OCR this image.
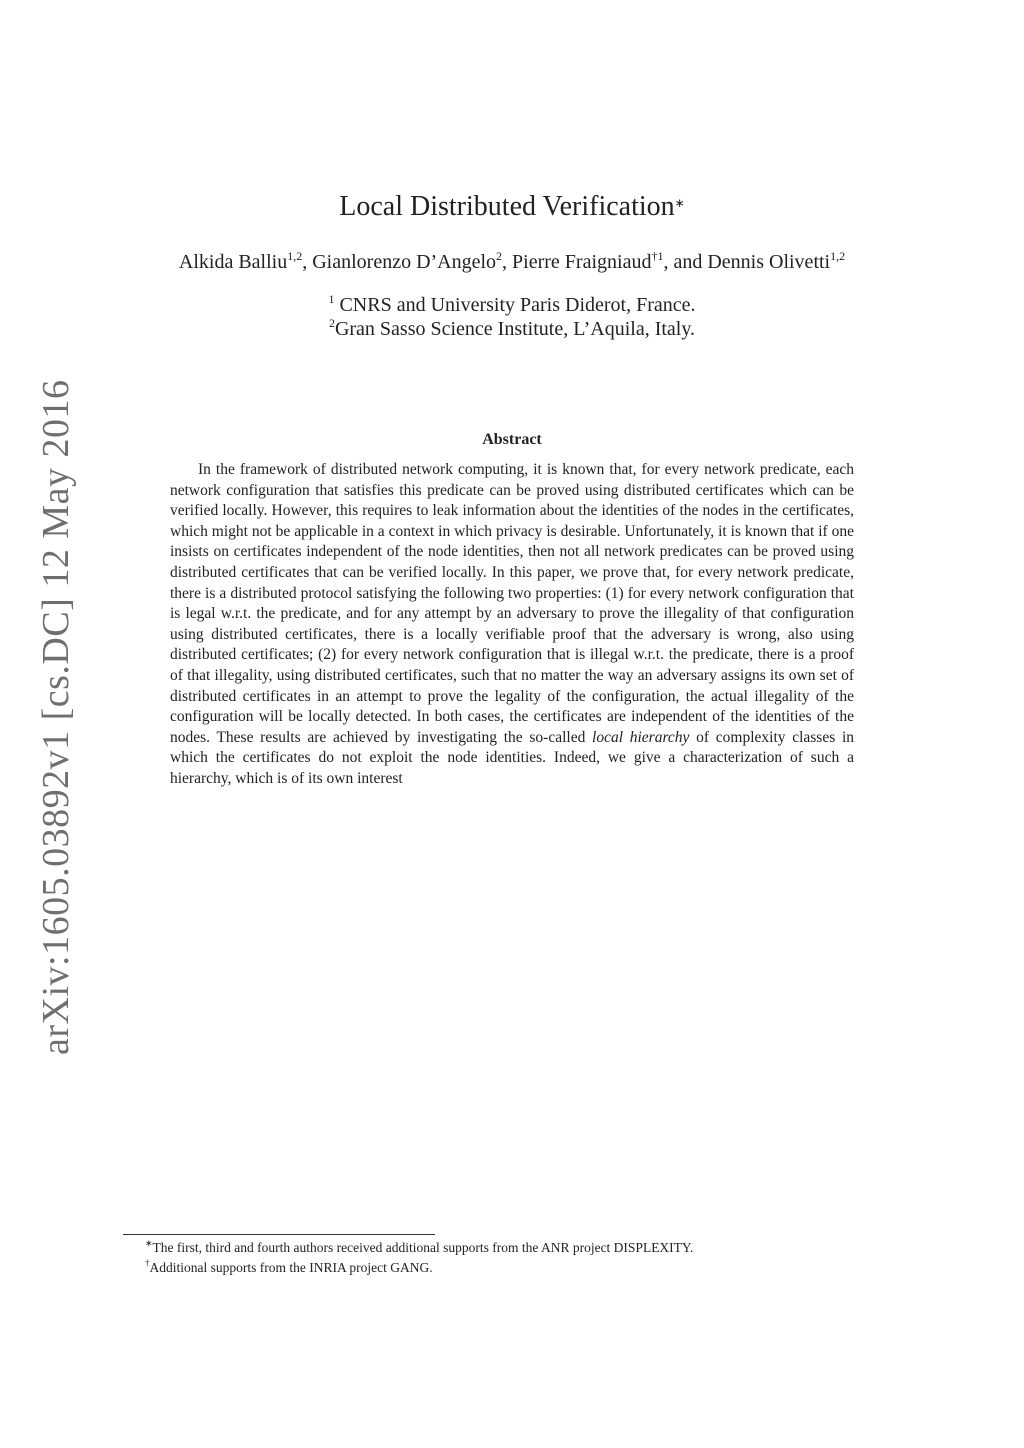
arXiv:1605.03892v1 [cs.DC] 12 May 2016
Local Distributed Verification∗
Alkida Balliu$^{1,2}$, Gianlorenzo D’Angelo$^2$, Pierre Fraigniaud$^{\dagger 1}$, and Dennis Olivetti$^{1,2}$
$^1$ CNRS and University Paris Diderot, France.
$^2$Gran Sasso Science Institute, L’Aquila, Italy.
Abstract

In the framework of distributed network computing, it is known that, for every network predicate, each network configuration that satisfies this predicate can be proved using distributed certificates which can be verified locally. However, this requires to leak information about the identities of the nodes in the certificates, which might not be applicable in a context in which privacy is desirable. Unfortunately, it is known that if one insists on certificates independent of the node identities, then not all network predicates can be proved using distributed certificates that can be verified locally. In this paper, we prove that, for every network predicate, there is a distributed protocol satisfying the following two properties: (1) for every network configuration that is legal w.r.t. the predicate, and for any attempt by an adversary to prove the illegality of that configuration using distributed certificates, there is a locally verifiable proof that the adversary is wrong, also using distributed certificates; (2) for every network configuration that is illegal w.r.t. the predicate, there is a proof of that illegality, using distributed certificates, such that no matter the way an adversary assigns its own set of distributed certificates in an attempt to prove the legality of the configuration, the actual illegality of the configuration will be locally detected. In both cases, the certificates are independent of the identities of the nodes. These results are achieved by investigating the so-called local hierarchy of complexity classes in which the certificates do not exploit the node identities. Indeed, we give a characterization of such a hierarchy, which is of its own interest

∗The first, third and fourth authors received additional supports from the ANR project DISPLEXITY.
†Additional supports from the INRIA project GANG.
